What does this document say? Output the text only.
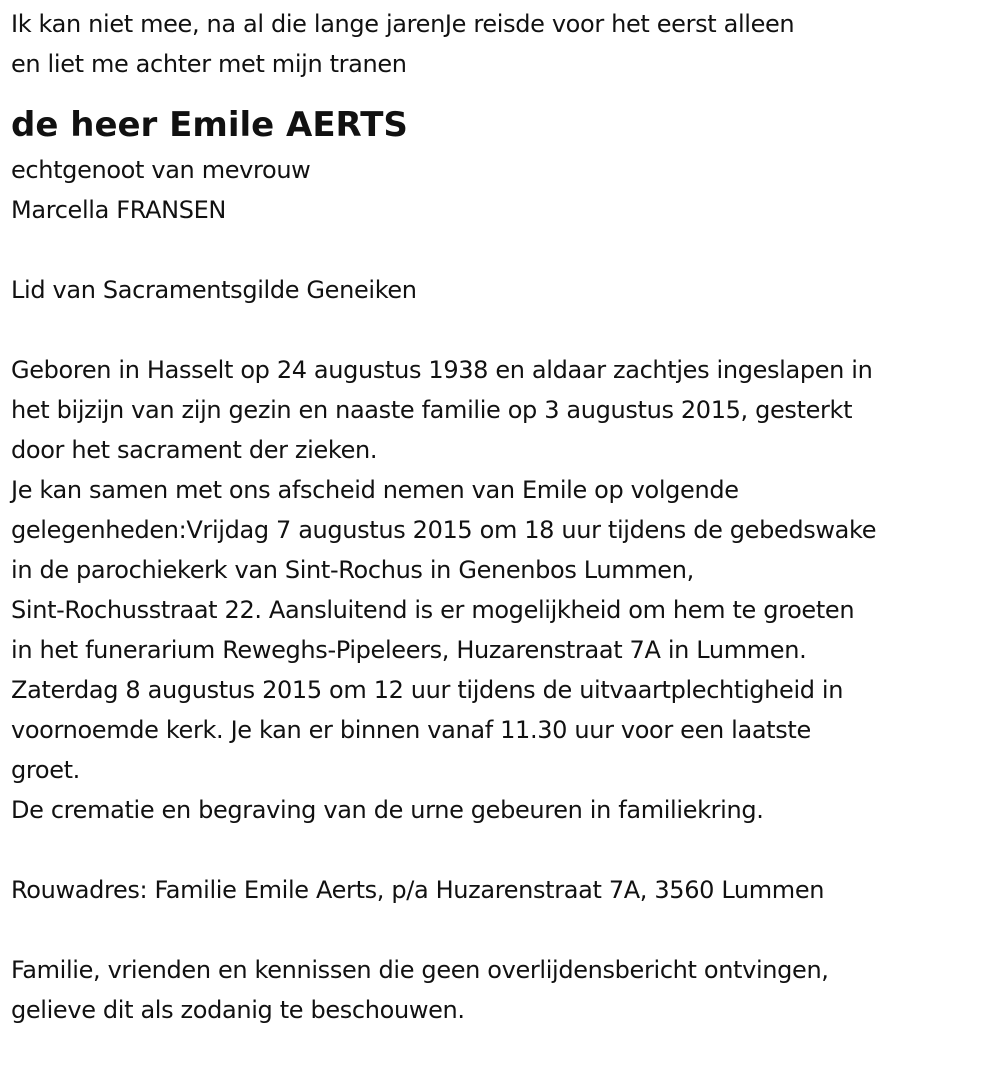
Ik kan niet mee, na al die lange jarenJe reisde voor het eerst alleen
en liet me achter met mijn tranen
de heer Emile AERTS
echtgenoot van mevrouw
Marcella FRANSEN
Lid van Sacramentsgilde Geneiken
Geboren in Hasselt op 24 augustus 1938 en aldaar zachtjes ingeslapen in
het bijzijn van zijn gezin en naaste familie op 3 augustus 2015, gesterkt
door het sacrament der zieken.
Je kan samen met ons afscheid nemen van Emile op volgende
gelegenheden:Vrijdag 7 augustus 2015 om 18 uur tijdens de gebedswake
in de parochiekerk van Sint-Rochus in Genenbos Lummen,
Sint-Rochusstraat 22. Aansluitend is er mogelijkheid om hem te groeten
in het funerarium Reweghs-Pipeleers, Huzarenstraat 7A in Lummen.
Zaterdag 8 augustus 2015 om 12 uur tijdens de uitvaartplechtigheid in
voornoemde kerk. Je kan er binnen vanaf 11.30 uur voor een laatste
groet.
De crematie en begraving van de urne gebeuren in familiekring.
Rouwadres: Familie Emile Aerts, p/a Huzarenstraat 7A, 3560 Lummen
Familie, vrienden en kennissen die geen overlijdensbericht ontvingen,
gelieve dit als zodanig te beschouwen.
